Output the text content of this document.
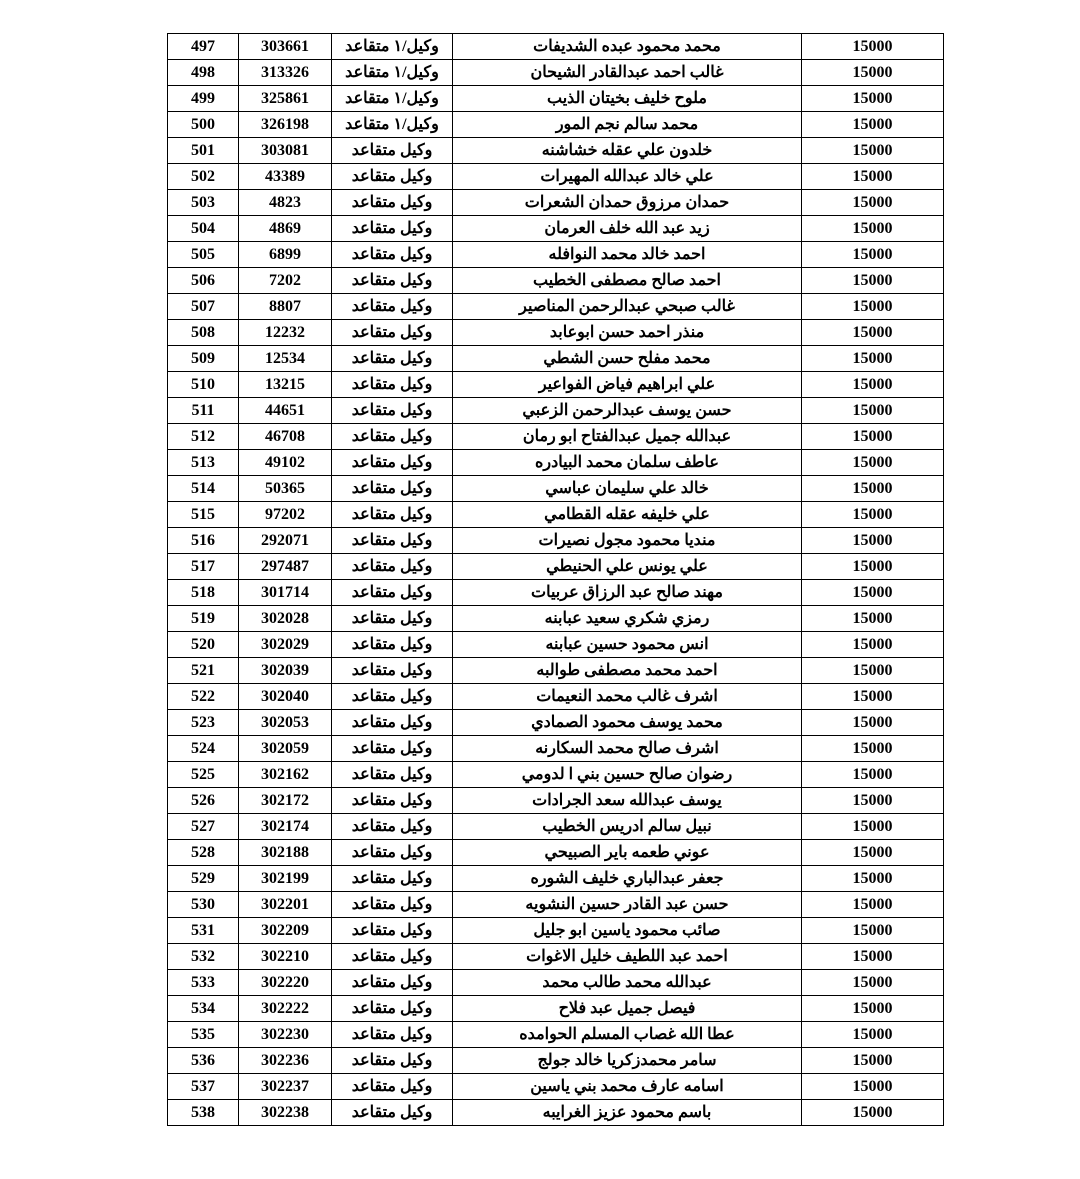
15000	محمد محمود عبده الشديفات	وكيل/١ متقاعد	303661	497
15000	غالب احمد عبدالقادر الشيحان	وكيل/١ متقاعد	313326	498
15000	ملوح خليف بخيتان الذيب	وكيل/١ متقاعد	325861	499
15000	محمد سالم نجم المور	وكيل/١ متقاعد	326198	500
15000	خلدون علي عقله خشاشنه	وكيل متقاعد	303081	501
15000	علي خالد عبدالله المهيرات	وكيل متقاعد	43389	502
15000	حمدان مرزوق حمدان الشعرات	وكيل متقاعد	4823	503
15000	زيد عبد الله خلف العرمان	وكيل متقاعد	4869	504
15000	احمد خالد محمد النوافله	وكيل متقاعد	6899	505
15000	احمد صالح مصطفى الخطيب	وكيل متقاعد	7202	506
15000	غالب صبحي عبدالرحمن المناصير	وكيل متقاعد	8807	507
15000	منذر احمد حسن ابوعابد	وكيل متقاعد	12232	508
15000	محمد مفلح حسن الشطي	وكيل متقاعد	12534	509
15000	علي ابراهيم فياض الفواعير	وكيل متقاعد	13215	510
15000	حسن يوسف عبدالرحمن الزعبي	وكيل متقاعد	44651	511
15000	عبدالله جميل عبدالفتاح ابو رمان	وكيل متقاعد	46708	512
15000	عاطف سلمان محمد البيادره	وكيل متقاعد	49102	513
15000	خالد علي سليمان عباسي	وكيل متقاعد	50365	514
15000	علي خليفه عقله القطامي	وكيل متقاعد	97202	515
15000	منديا محمود مجول نصيرات	وكيل متقاعد	292071	516
15000	علي يونس علي الحنيطي	وكيل متقاعد	297487	517
15000	مهند صالح عبد الرزاق عربيات	وكيل متقاعد	301714	518
15000	رمزي شكري سعيد عبابنه	وكيل متقاعد	302028	519
15000	انس محمود حسين عبابنه	وكيل متقاعد	302029	520
15000	احمد محمد مصطفى طوالبه	وكيل متقاعد	302039	521
15000	اشرف غالب محمد النعيمات	وكيل متقاعد	302040	522
15000	محمد يوسف محمود الصمادي	وكيل متقاعد	302053	523
15000	اشرف صالح محمد السكارنه	وكيل متقاعد	302059	524
15000	رضوان صالح حسين بني ا لدومي	وكيل متقاعد	302162	525
15000	يوسف عبدالله سعد الجرادات	وكيل متقاعد	302172	526
15000	نبيل سالم ادريس الخطيب	وكيل متقاعد	302174	527
15000	عوني طعمه باير الصبيحي	وكيل متقاعد	302188	528
15000	جعفر عبدالباري خليف الشوره	وكيل متقاعد	302199	529
15000	حسن عبد القادر حسين النشويه	وكيل متقاعد	302201	530
15000	صائب محمود ياسين ابو جليل	وكيل متقاعد	302209	531
15000	احمد عبد اللطيف خليل الاغوات	وكيل متقاعد	302210	532
15000	عبدالله محمد طالب محمد	وكيل متقاعد	302220	533
15000	فيصل جميل عبد فلاح	وكيل متقاعد	302222	534
15000	عطا الله غصاب المسلم الحوامده	وكيل متقاعد	302230	535
15000	سامر محمدزكريا خالد جولج	وكيل متقاعد	302236	536
15000	اسامه عارف محمد بني ياسين	وكيل متقاعد	302237	537
15000	باسم محمود عزيز الغرايبه	وكيل متقاعد	302238	538
